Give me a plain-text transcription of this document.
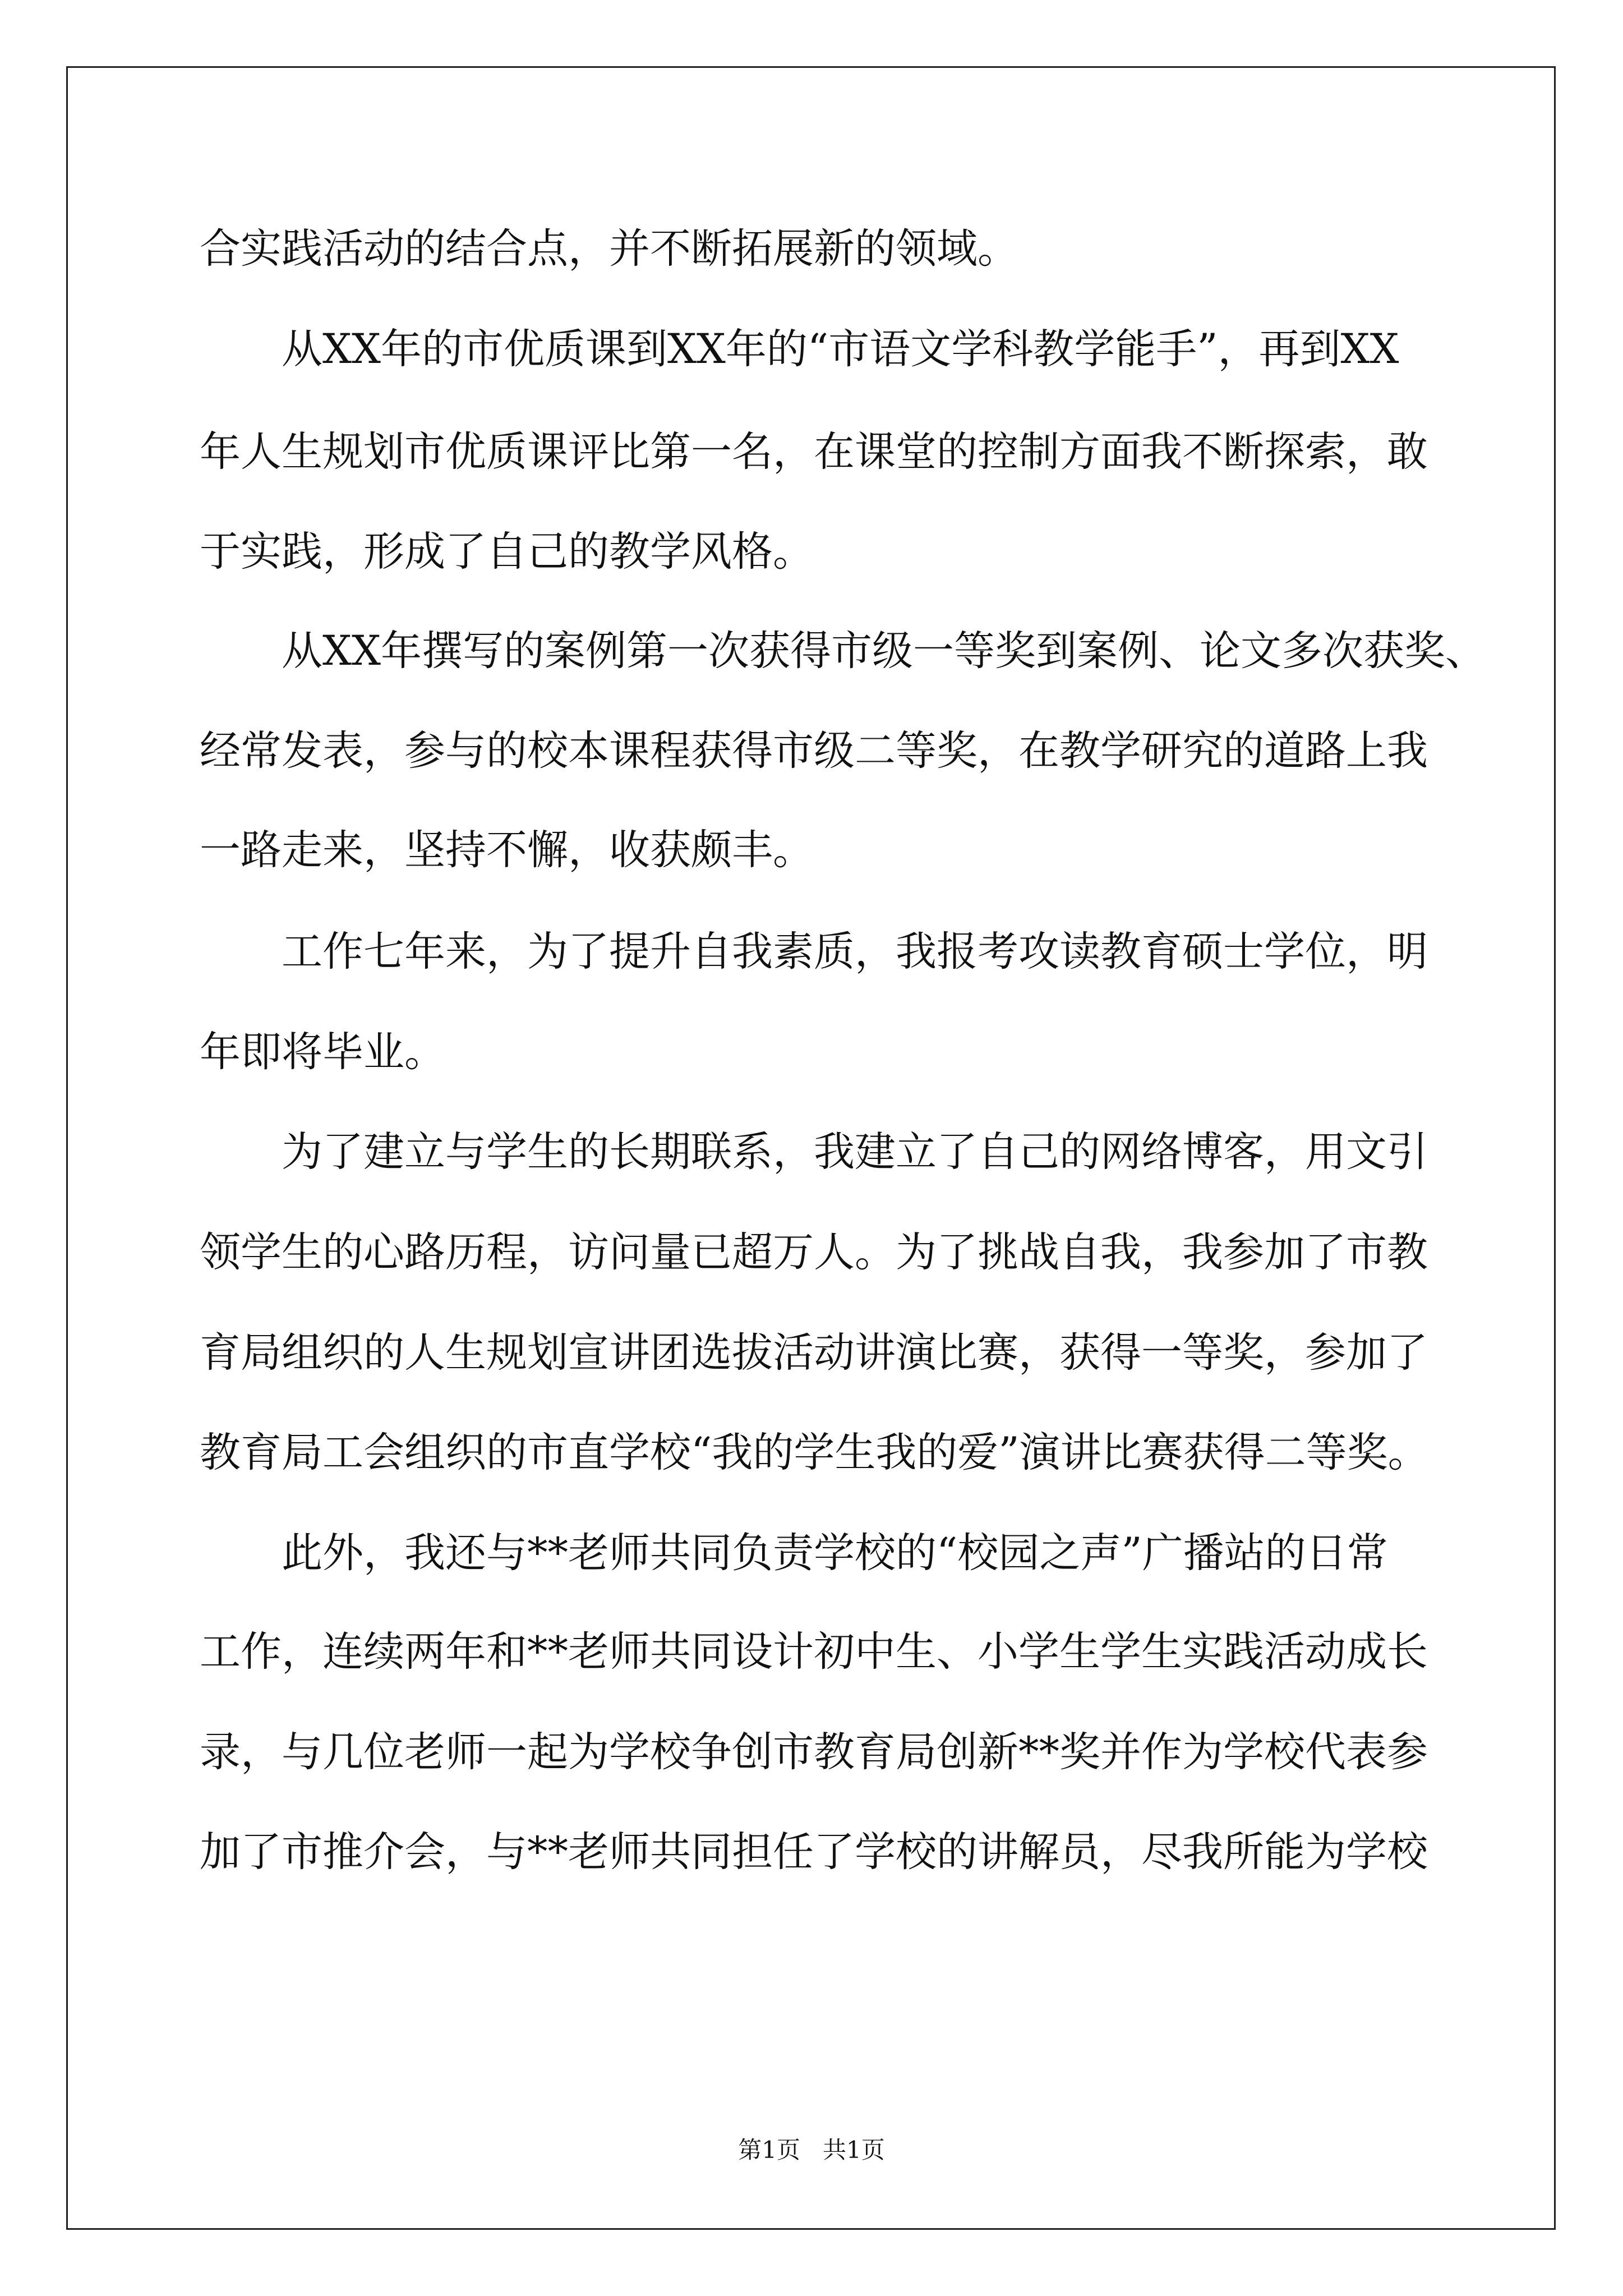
合实践活动的结合点，并不断拓展新的领域。

从XX年的市优质课到XX年的“市语文学科教学能手”，再到XX

年人生规划市优质课评比第一名，在课堂的控制方面我不断探索，敢

于实践，形成了自己的教学风格。

从XX年撰写的案例第一次获得市级一等奖到案例、论文多次获奖、

经常发表，参与的校本课程获得市级二等奖，在教学研究的道路上我

一路走来，坚持不懈，收获颇丰。

工作七年来，为了提升自我素质，我报考攻读教育硕士学位，明

年即将毕业。

为了建立与学生的长期联系，我建立了自己的网络博客，用文引

领学生的心路历程，访问量已超万人。为了挑战自我，我参加了市教

育局组织的人生规划宣讲团选拔活动讲演比赛，获得一等奖，参加了

教育局工会组织的市直学校“我的学生我的爱”演讲比赛获得二等奖。

此外，我还与**老师共同负责学校的“校园之声”广播站的日常

工作，连续两年和**老师共同设计初中生、小学生学生实践活动成长

录，与几位老师一起为学校争创市教育局创新**奖并作为学校代表参

加了市推介会，与**老师共同担任了学校的讲解员，尽我所能为学校

第1页   共1页
